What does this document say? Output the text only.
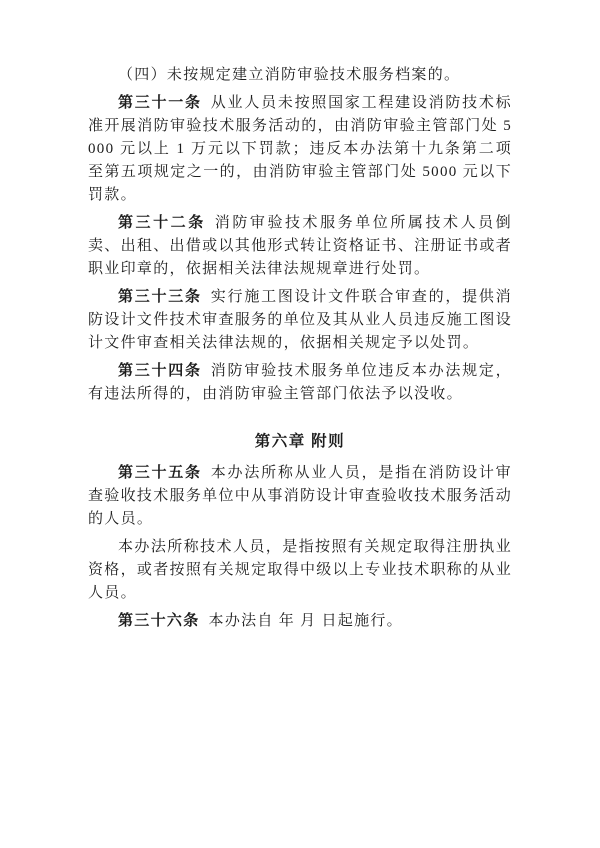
（四）未按规定建立消防审验技术服务档案的。

第三十一条 从业人员未按照国家工程建设消防技术标准开展消防审验技术服务活动的，由消防审验主管部门处 5000 元以上 1 万元以下罚款；违反本办法第十九条第二项至第五项规定之一的，由消防审验主管部门处 5000 元以下罚款。

第三十二条 消防审验技术服务单位所属技术人员倒卖、出租、出借或以其他形式转让资格证书、注册证书或者职业印章的，依据相关法律法规规章进行处罚。

第三十三条 实行施工图设计文件联合审查的，提供消防设计文件技术审查服务的单位及其从业人员违反施工图设计文件审查相关法律法规的，依据相关规定予以处罚。

第三十四条 消防审验技术服务单位违反本办法规定，有违法所得的，由消防审验主管部门依法予以没收。

第六章 附则

第三十五条 本办法所称从业人员，是指在消防设计审查验收技术服务单位中从事消防设计审查验收技术服务活动的人员。

本办法所称技术人员，是指按照有关规定取得注册执业资格，或者按照有关规定取得中级以上专业技术职称的从业人员。

第三十六条 本办法自 年 月 日起施行。
